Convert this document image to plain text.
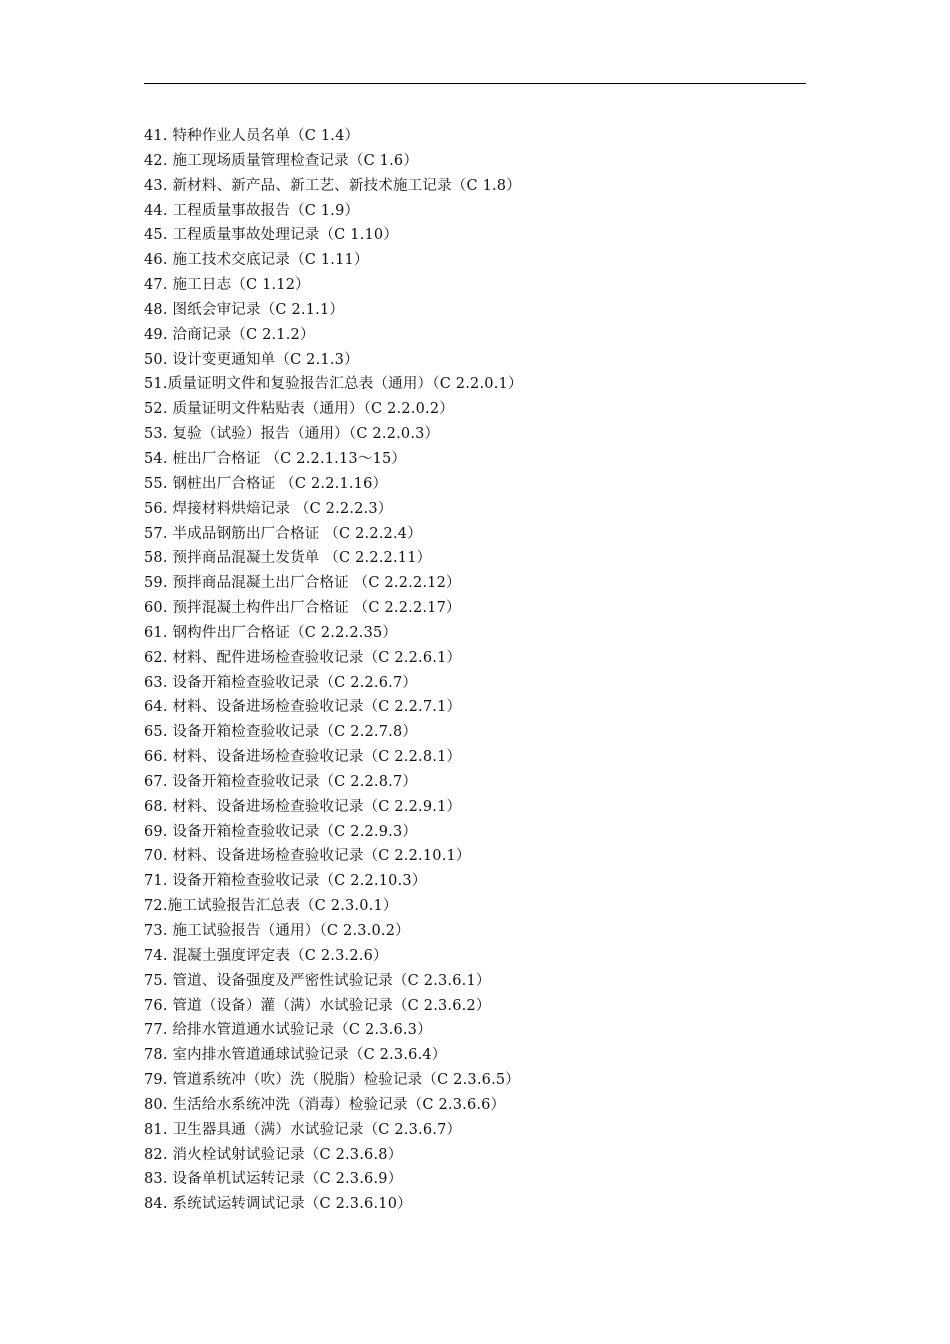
41. 特种作业人员名单（C 1.4）
42. 施工现场质量管理检查记录（C 1.6）
43. 新材料、新产品、新工艺、新技术施工记录（C 1.8）
44. 工程质量事故报告（C 1.9）
45. 工程质量事故处理记录（C 1.10）
46. 施工技术交底记录（C 1.11）
47. 施工日志（C 1.12）
48. 图纸会审记录（C 2.1.1）
49. 洽商记录（C 2.1.2）
50. 设计变更通知单（C 2.1.3）
51.质量证明文件和复验报告汇总表（通用）（C 2.2.0.1）
52. 质量证明文件粘贴表（通用）（C 2.2.0.2）
53. 复验（试验）报告（通用）（C 2.2.0.3）
54. 桩出厂合格证 （C 2.2.1.13～15）
55. 钢桩出厂合格证 （C 2.2.1.16）
56. 焊接材料烘焙记录 （C 2.2.2.3）
57. 半成品钢筋出厂合格证 （C 2.2.2.4）
58. 预拌商品混凝土发货单 （C 2.2.2.11）
59. 预拌商品混凝土出厂合格证 （C 2.2.2.12）
60. 预拌混凝土构件出厂合格证 （C 2.2.2.17）
61. 钢构件出厂合格证（C 2.2.2.35）
62. 材料、配件进场检查验收记录（C 2.2.6.1）
63. 设备开箱检查验收记录（C 2.2.6.7）
64. 材料、设备进场检查验收记录（C 2.2.7.1）
65. 设备开箱检查验收记录（C 2.2.7.8）
66. 材料、设备进场检查验收记录（C 2.2.8.1）
67. 设备开箱检查验收记录（C 2.2.8.7）
68. 材料、设备进场检查验收记录（C 2.2.9.1）
69. 设备开箱检查验收记录（C 2.2.9.3）
70. 材料、设备进场检查验收记录（C 2.2.10.1）
71. 设备开箱检查验收记录（C 2.2.10.3）
72.施工试验报告汇总表（C 2.3.0.1）
73. 施工试验报告（通用）（C 2.3.0.2）
74. 混凝土强度评定表（C 2.3.2.6）
75. 管道、设备强度及严密性试验记录（C 2.3.6.1）
76. 管道（设备）灌（满）水试验记录（C 2.3.6.2）
77. 给排水管道通水试验记录（C 2.3.6.3）
78. 室内排水管道通球试验记录（C 2.3.6.4）
79. 管道系统冲（吹）洗（脱脂）检验记录（C 2.3.6.5）
80. 生活给水系统冲洗（消毒）检验记录（C 2.3.6.6）
81. 卫生器具通（满）水试验记录（C 2.3.6.7）
82. 消火栓试射试验记录（C 2.3.6.8）
83. 设备单机试运转记录（C 2.3.6.9）
84. 系统试运转调试记录（C 2.3.6.10）
